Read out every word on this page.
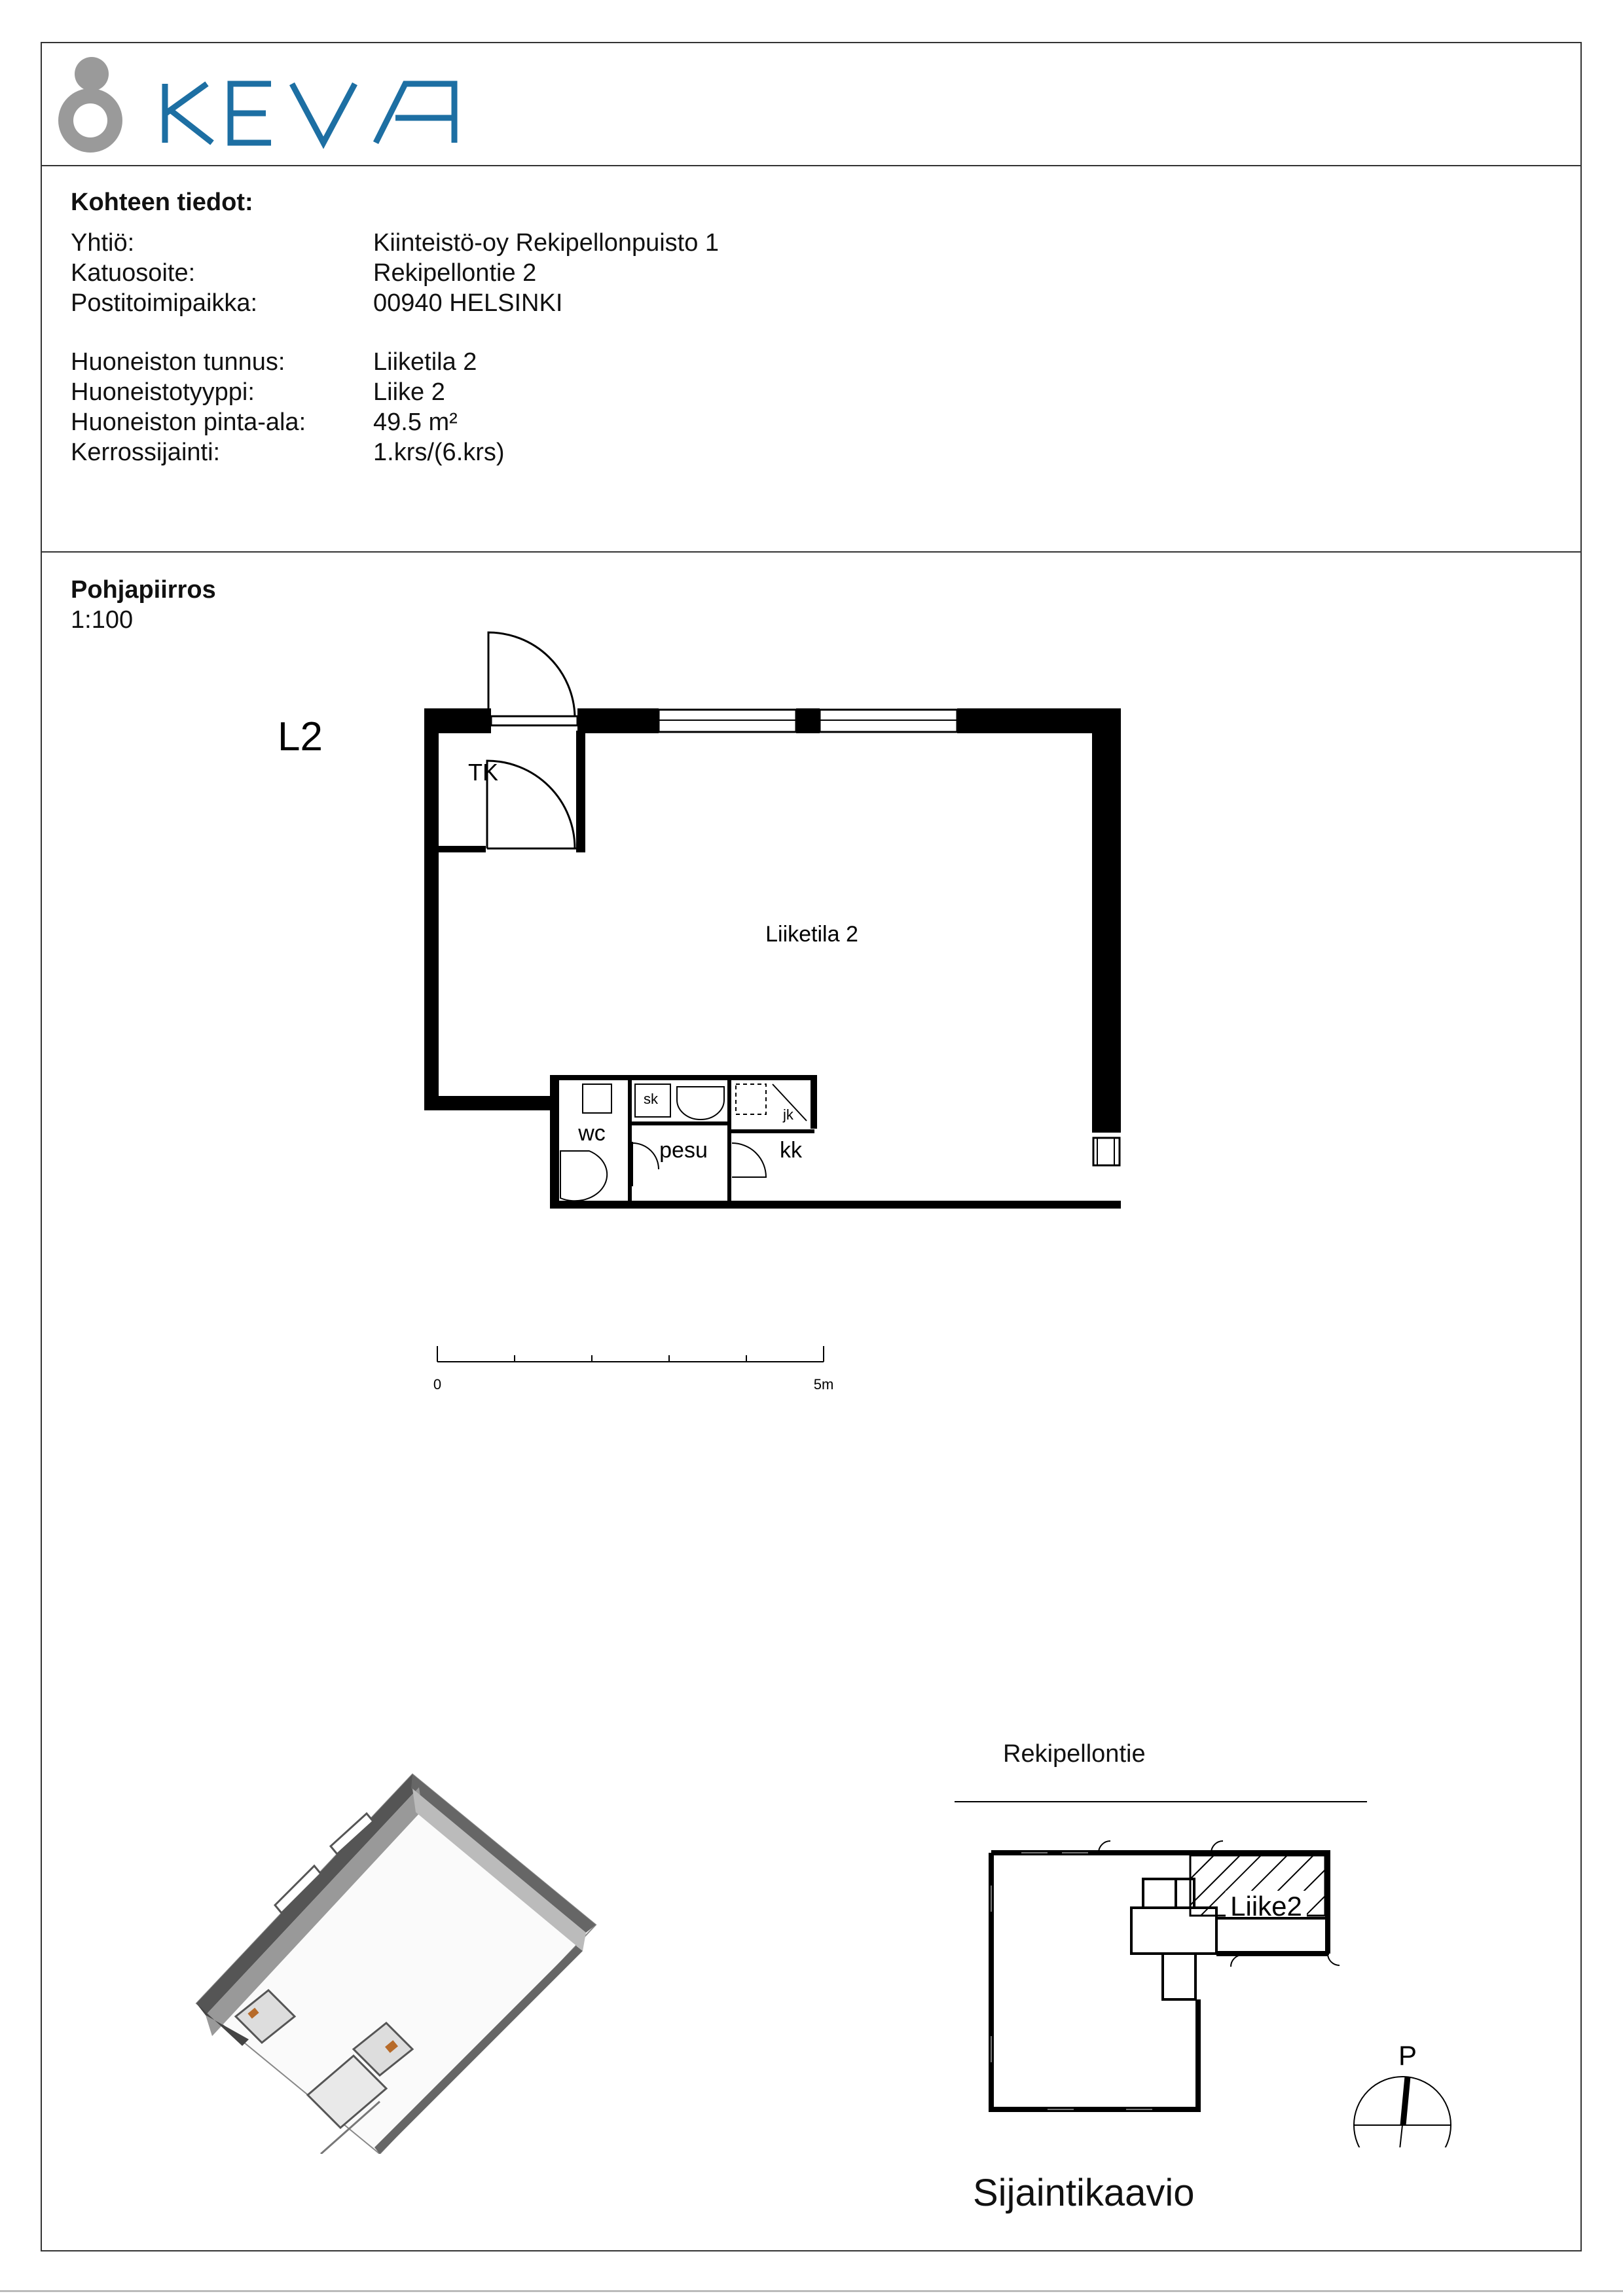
Kohteen tiedot:
Yhtiö:	Kiinteistö-oy Rekipellonpuisto 1
Katuosoite:	Rekipellontie 2
Postitoimipaikka:	00940 HELSINKI
Huoneiston tunnus:	Liiketila 2
Huoneistotyyppi:	Liike 2
Huoneiston pinta-ala:	49.5 m²
Kerrossijainti:	1.krs/(6.krs)
Pohjapiirros
1:100
TK
Liiketila 2
L2
sk
jk
wc
pesu	kk
0	5m
Rekipellontie
Liike2
P
Sijaintikaavio
